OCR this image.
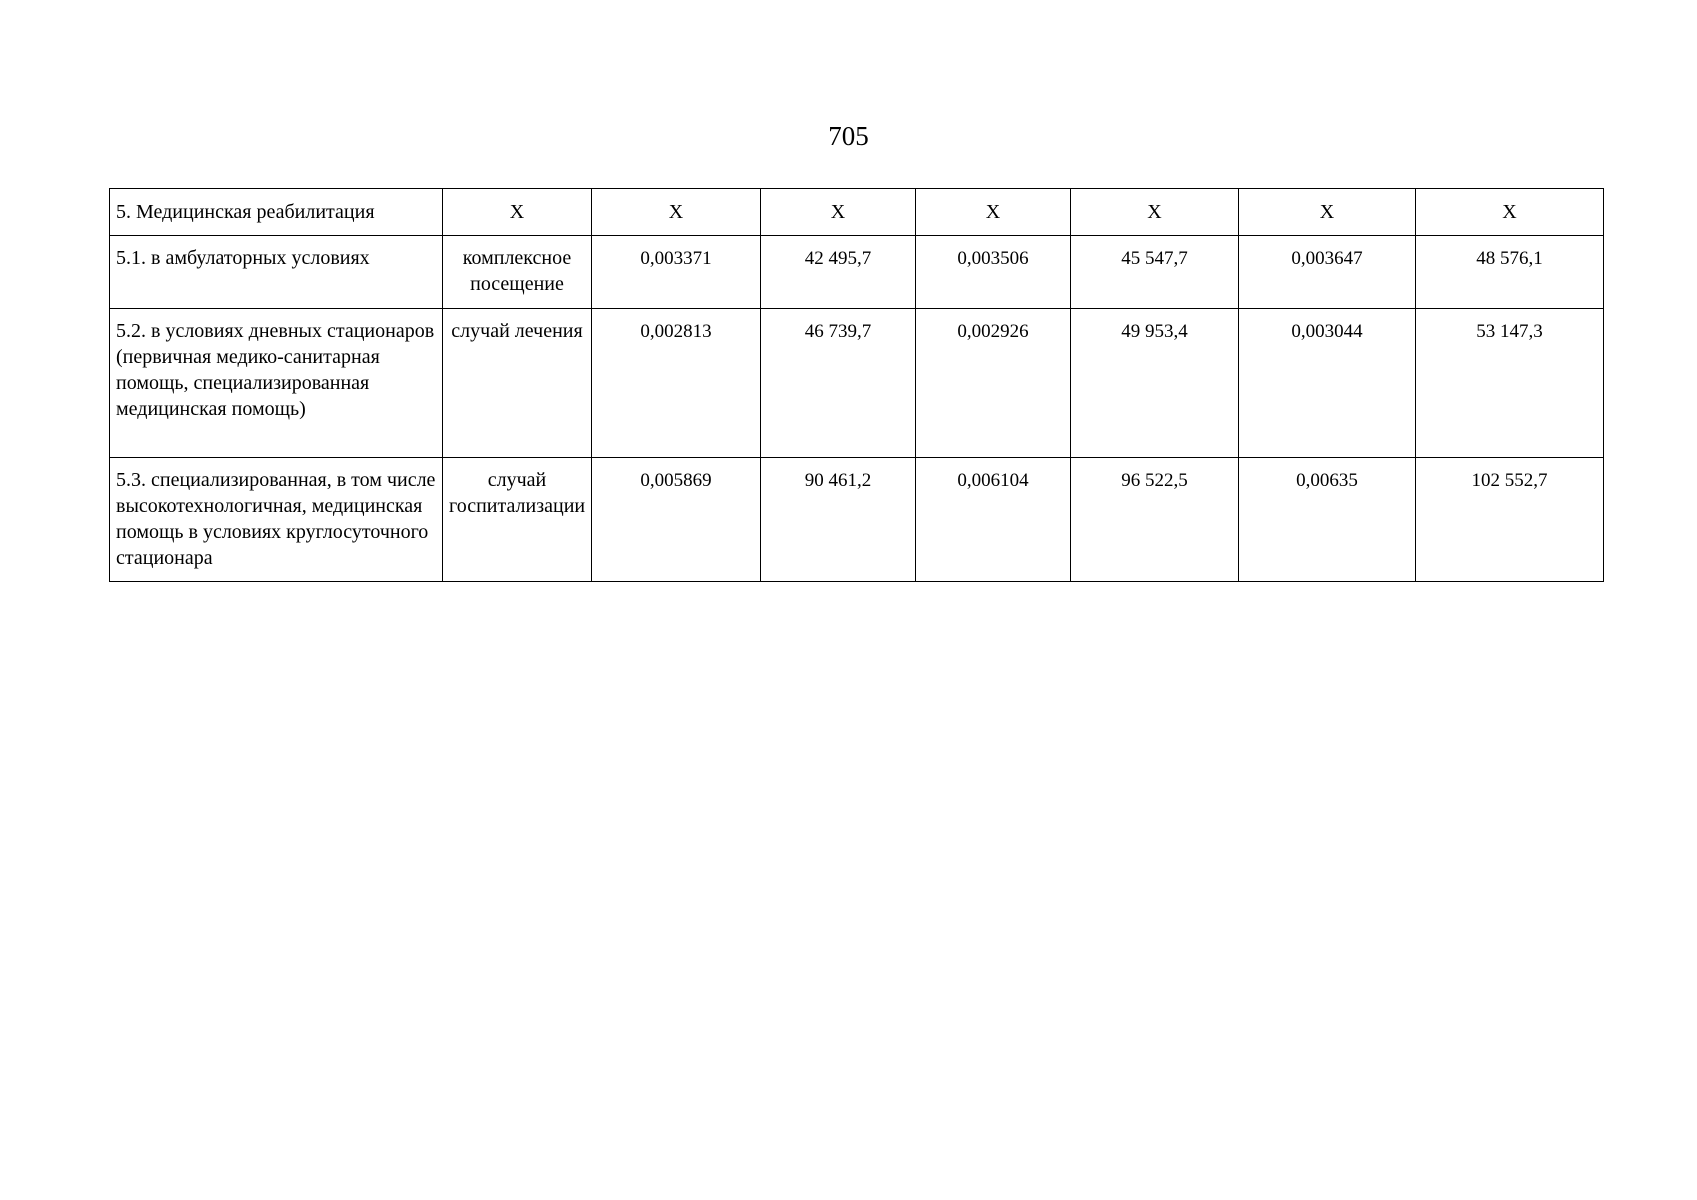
705
5. Медицинская реабилитация	Х	Х	Х	Х	Х	Х	Х
5.1. в амбулаторных условиях	комплексное посещение	0,003371	42 495,7	0,003506	45 547,7	0,003647	48 576,1
5.2. в условиях дневных стационаров (первичная медико-санитарная помощь, специализированная медицинская помощь)	случай лечения	0,002813	46 739,7	0,002926	49 953,4	0,003044	53 147,3
5.3. специализированная, в том числе высокотехнологичная, медицинская помощь в условиях круглосуточного стационара	случай госпитализации	0,005869	90 461,2	0,006104	96 522,5	0,00635	102 552,7
